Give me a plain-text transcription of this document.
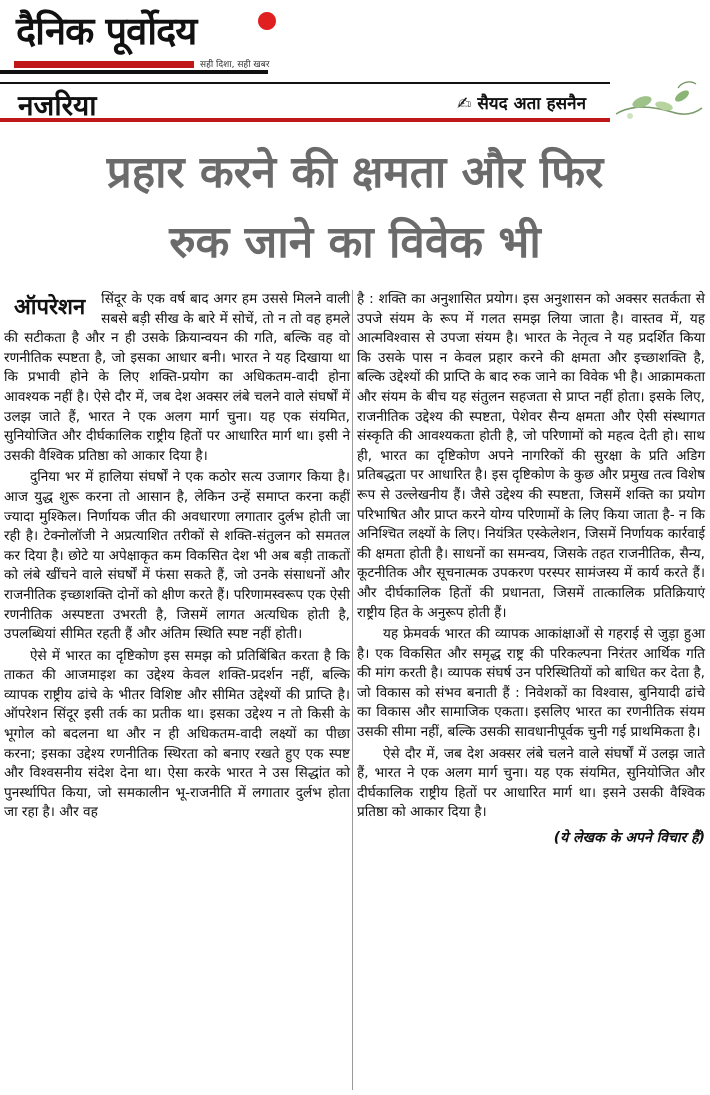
दैनिक पूर्वोदय
सही दिशा, सही खबर
नजरिया	✍ सैयद अता हसनैन
प्रहार करने की क्षमता और फिर
रुक जाने का विवेक भी

ऑपरेशन	सिंदूर के एक वर्ष बाद अगर हम उससे मिलने वाली सबसे बड़ी सीख के बारे में सोचें, तो न तो वह हमले की सटीकता है और न ही उसके क्रियान्वयन की गति, बल्कि वह वो रणनीतिक स्पष्टता है, जो इसका आधार बनी। भारत ने यह दिखाया था कि प्रभावी होने के लिए शक्ति-प्रयोग का अधिकतम-वादी होना आवश्यक नहीं है। ऐसे दौर में, जब देश अक्सर लंबे चलने वाले संघर्षों में उलझ जाते हैं, भारत ने एक अलग मार्ग चुना। यह एक संयमित, सुनियोजित और दीर्घकालिक राष्ट्रीय हितों पर आधारित मार्ग था। इसी ने उसकी वैश्विक प्रतिष्ठा को आकार दिया है।

दुनिया भर में हालिया संघर्षों ने एक कठोर सत्य उजागर किया है। आज युद्ध शुरू करना तो आसान है, लेकिन उन्हें समाप्त करना कहीं ज्यादा मुश्किल। निर्णायक जीत की अवधारणा लगातार दुर्लभ होती जा रही है। टेक्नोलॉजी ने अप्रत्याशित तरीकों से शक्ति-संतुलन को समतल कर दिया है। छोटे या अपेक्षाकृत कम विकसित देश भी अब बड़ी ताकतों को लंबे खींचने वाले संघर्षों में फंसा सकते हैं, जो उनके संसाधनों और राजनीतिक इच्छाशक्ति दोनों को क्षीण करते हैं। परिणामस्वरूप एक ऐसी रणनीतिक अस्पष्टता उभरती है, जिसमें लागत अत्यधिक होती है, उपलब्धियां सीमित रहती हैं और अंतिम स्थिति स्पष्ट नहीं होती।

ऐसे में भारत का दृष्टिकोण इस समझ को प्रतिबिंबित करता है कि ताकत की आजमाइश का उद्देश्य केवल शक्ति-प्रदर्शन नहीं, बल्कि व्यापक राष्ट्रीय ढांचे के भीतर विशिष्ट और सीमित उद्देश्यों की प्राप्ति है। ऑपरेशन सिंदूर इसी तर्क का प्रतीक था। इसका उद्देश्य न तो किसी के भूगोल को बदलना था और न ही अधिकतम-वादी लक्ष्यों का पीछा करना; इसका उद्देश्य रणनीतिक स्थिरता को बनाए रखते हुए एक स्पष्ट और विश्वसनीय संदेश देना था। ऐसा करके भारत ने उस सिद्धांत को पुनर्स्थापित किया, जो समकालीन भू-राजनीति में लगातार दुर्लभ होता जा रहा है। और वह

है : शक्ति का अनुशासित प्रयोग। इस अनुशासन को अक्सर सतर्कता से उपजे संयम के रूप में गलत समझ लिया जाता है। वास्तव में, यह आत्मविश्वास से उपजा संयम है। भारत के नेतृत्व ने यह प्रदर्शित किया कि उसके पास न केवल प्रहार करने की क्षमता और इच्छाशक्ति है, बल्कि उद्देश्यों की प्राप्ति के बाद रुक जाने का विवेक भी है। आक्रामकता और संयम के बीच यह संतुलन सहजता से प्राप्त नहीं होता। इसके लिए, राजनीतिक उद्देश्य की स्पष्टता, पेशेवर सैन्य क्षमता और ऐसी संस्थागत संस्कृति की आवश्यकता होती है, जो परिणामों को महत्व देती हो। साथ ही, भारत का दृष्टिकोण अपने नागरिकों की सुरक्षा के प्रति अडिग प्रतिबद्धता पर आधारित है। इस दृष्टिकोण के कुछ और प्रमुख तत्व विशेष रूप से उल्लेखनीय हैं। जैसे उद्देश्य की स्पष्टता, जिसमें शक्ति का प्रयोग परिभाषित और प्राप्त करने योग्य परिणामों के लिए किया जाता है- न कि अनिश्चित लक्ष्यों के लिए। नियंत्रित एस्केलेशन, जिसमें निर्णायक कार्रवाई की क्षमता होती है। साधनों का समन्वय, जिसके तहत राजनीतिक, सैन्य, कूटनीतिक और सूचनात्मक उपकरण परस्पर सामंजस्य में कार्य करते हैं। और दीर्घकालिक हितों की प्रधानता, जिसमें तात्कालिक प्रतिक्रियाएं राष्ट्रीय हित के अनुरूप होती हैं।

यह फ्रेमवर्क भारत की व्यापक आकांक्षाओं से गहराई से जुड़ा हुआ है। एक विकसित और समृद्ध राष्ट्र की परिकल्पना निरंतर आर्थिक गति की मांग करती है। व्यापक संघर्ष उन परिस्थितियों को बाधित कर देता है, जो विकास को संभव बनाती हैं : निवेशकों का विश्वास, बुनियादी ढांचे का विकास और सामाजिक एकता। इसलिए भारत का रणनीतिक संयम उसकी सीमा नहीं, बल्कि उसकी सावधानीपूर्वक चुनी गई प्राथमिकता है।

ऐसे दौर में, जब देश अक्सर लंबे चलने वाले संघर्षों में उलझ जाते हैं, भारत ने एक अलग मार्ग चुना। यह एक संयमित, सुनियोजित और दीर्घकालिक राष्ट्रीय हितों पर आधारित मार्ग था। इसने उसकी वैश्विक प्रतिष्ठा को आकार दिया है।

(ये लेखक के अपने विचार हैं)
